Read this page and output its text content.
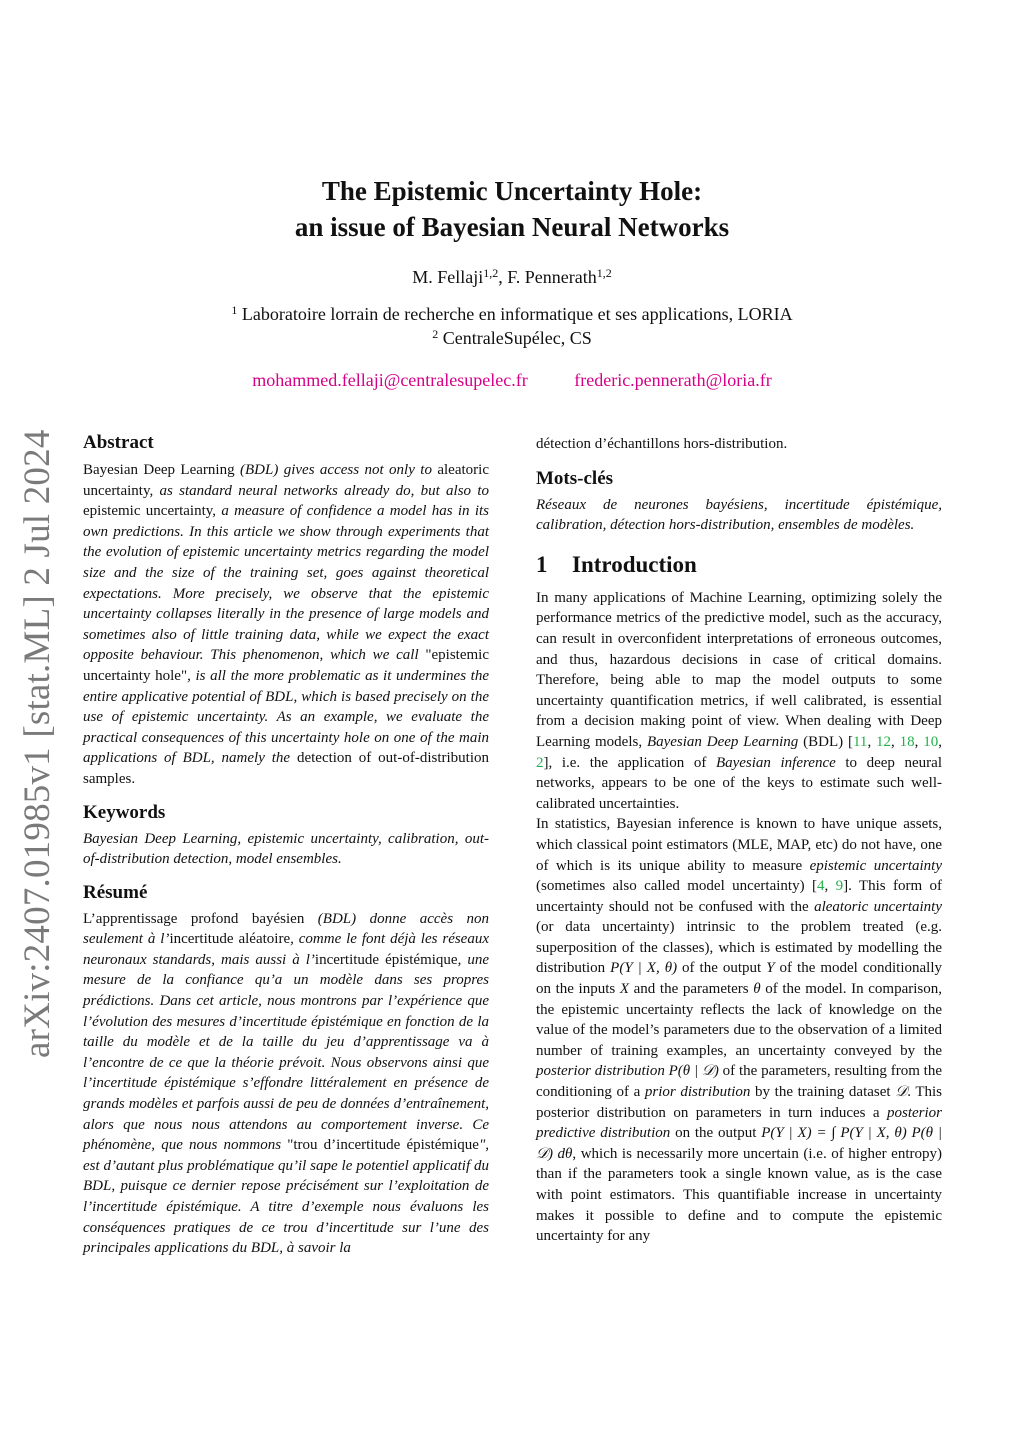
arXiv:2407.01985v1 [stat.ML] 2 Jul 2024
The Epistemic Uncertainty Hole:
an issue of Bayesian Neural Networks
M. Fellaji$^{1,2}$, F. Pennerath$^{1,2}$
$^1$ Laboratoire lorrain de recherche en informatique et ses applications, LORIA
$^2$ CentraleSupélec, CS
mohammed.fellaji@centralesupelec.fr	frederic.pennerath@loria.fr
Abstract

Bayesian Deep Learning (BDL) gives access not only to aleatoric uncertainty, as standard neural networks already do, but also to epistemic uncertainty, a measure of confidence a model has in its own predictions. In this article we show through experiments that the evolution of epistemic uncertainty metrics regarding the model size and the size of the training set, goes against theoretical expectations. More precisely, we observe that the epistemic uncertainty collapses literally in the presence of large models and sometimes also of little training data, while we expect the exact opposite behaviour. This phenomenon, which we call "epistemic uncertainty hole", is all the more problematic as it undermines the entire applicative potential of BDL, which is based precisely on the use of epistemic uncertainty. As an example, we evaluate the practical consequences of this uncertainty hole on one of the main applications of BDL, namely the detection of out-of-distribution samples.

Keywords

Bayesian Deep Learning, epistemic uncertainty, calibration, out-of-distribution detection, model ensembles.

Résumé

L’apprentissage profond bayésien (BDL) donne accès non seulement à l’incertitude aléatoire, comme le font déjà les réseaux neuronaux standards, mais aussi à l’incertitude épistémique, une mesure de la confiance qu’a un modèle dans ses propres prédictions. Dans cet article, nous montrons par l’expérience que l’évolution des mesures d’incertitude épistémique en fonction de la taille du modèle et de la taille du jeu d’apprentissage va à l’encontre de ce que la théorie prévoit. Nous observons ainsi que l’incertitude épistémique s’effondre littéralement en présence de grands modèles et parfois aussi de peu de données d’entraînement, alors que nous nous attendons au comportement inverse. Ce phénomène, que nous nommons "trou d’incertitude épistémique", est d’autant plus problématique qu’il sape le potentiel applicatif du BDL, puisque ce dernier repose précisément sur l’exploitation de l’incertitude épistémique. A titre d’exemple nous évaluons les conséquences pratiques de ce trou d’incertitude sur l’une des principales applications du BDL, à savoir la

détection d’échantillons hors-distribution.

Mots-clés

Réseaux de neurones bayésiens, incertitude épistémique, calibration, détection hors-distribution, ensembles de modèles.

1 Introduction

In many applications of Machine Learning, optimizing solely the performance metrics of the predictive model, such as the accuracy, can result in overconfident interpretations of erroneous outcomes, and thus, hazardous decisions in case of critical domains. Therefore, being able to map the model outputs to some uncertainty quantification metrics, if well calibrated, is essential from a decision making point of view. When dealing with Deep Learning models, Bayesian Deep Learning (BDL) [11, 12, 18, 10, 2], i.e. the application of Bayesian inference to deep neural networks, appears to be one of the keys to estimate such well-calibrated uncertainties.

In statistics, Bayesian inference is known to have unique assets, which classical point estimators (MLE, MAP, etc) do not have, one of which is its unique ability to measure epistemic uncertainty (sometimes also called model uncertainty) [4, 9]. This form of uncertainty should not be confused with the aleatoric uncertainty (or data uncertainty) intrinsic to the problem treated (e.g. superposition of the classes), which is estimated by modelling the distribution P(Y | X, θ) of the output Y of the model conditionally on the inputs X and the parameters θ of the model. In comparison, the epistemic uncertainty reflects the lack of knowledge on the value of the model’s parameters due to the observation of a limited number of training examples, an uncertainty conveyed by the posterior distribution P(θ | 𝒟) of the parameters, resulting from the conditioning of a prior distribution by the training dataset 𝒟. This posterior distribution on parameters in turn induces a posterior predictive distribution on the output P(Y | X) = ∫ P(Y | X, θ) P(θ | 𝒟) dθ, which is necessarily more uncertain (i.e. of higher entropy) than if the parameters took a single known value, as is the case with point estimators. This quantifiable increase in uncertainty makes it possible to define and to compute the epistemic uncertainty for any
